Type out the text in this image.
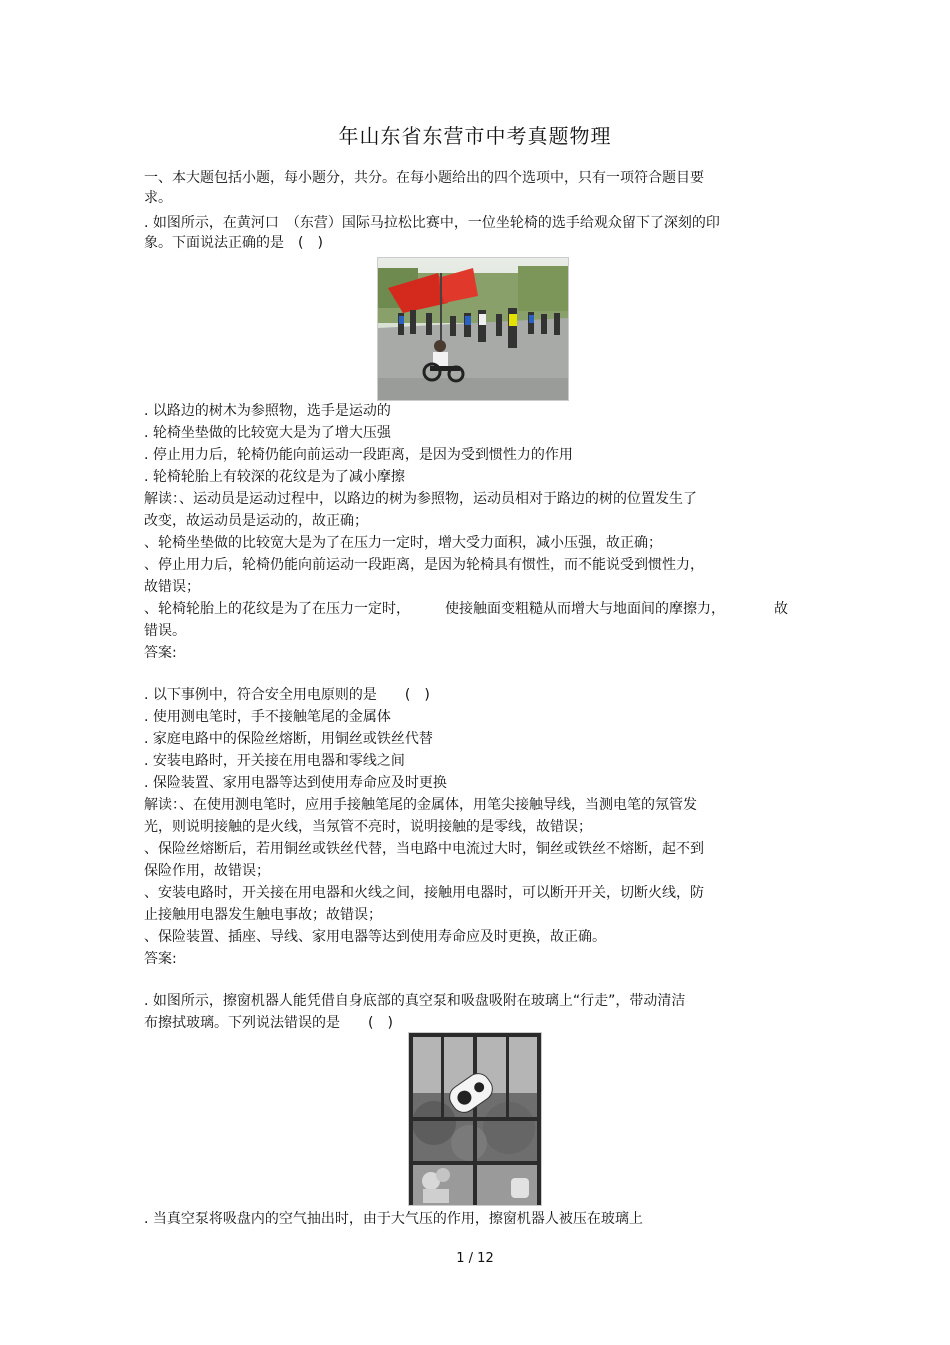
年山东省东营市中考真题物理
一、本大题包括小题，每小题分，共分。在每小题给出的四个选项中，只有一项符合题目要
求。
. 如图所示，在黄河口　（东营）国际马拉松比赛中，一位坐轮椅的选手给观众留下了深刻的印
象。下面说法正确的是　(　)
. 以路边的树木为参照物，选手是运动的
. 轮椅坐垫做的比较宽大是为了增大压强
. 停止用力后，轮椅仍能向前运动一段距离，是因为受到惯性力的作用
. 轮椅轮胎上有较深的花纹是为了减小摩擦
解读：、运动员是运动过程中，以路边的树为参照物，运动员相对于路边的树的位置发生了
改变，故运动员是运动的，故正确；
、轮椅坐垫做的比较宽大是为了在压力一定时，增大受力面积，减小压强，故正确；
、停止用力后，轮椅仍能向前运动一段距离，是因为轮椅具有惯性，而不能说受到惯性力，
故错误；
、轮椅轮胎上的花纹是为了在压力一定时，　　　使接触面变粗糙从而增大与地面间的摩擦力，　　　　故
错误。
答案:
. 以下事例中，符合安全用电原则的是　　(　)
. 使用测电笔时，手不接触笔尾的金属体
. 家庭电路中的保险丝熔断，用铜丝或铁丝代替
. 安装电路时，开关接在用电器和零线之间
. 保险装置、家用电器等达到使用寿命应及时更换
解读：、在使用测电笔时，应用手接触笔尾的金属体，用笔尖接触导线，当测电笔的氖管发
光，则说明接触的是火线，当氖管不亮时，说明接触的是零线，故错误；
、保险丝熔断后，若用铜丝或铁丝代替，当电路中电流过大时，铜丝或铁丝不熔断，起不到
保险作用，故错误；
、安装电路时，开关接在用电器和火线之间，接触用电器时，可以断开开关，切断火线，防
止接触用电器发生触电事故；故错误；
、保险装置、插座、导线、家用电器等达到使用寿命应及时更换，故正确。
答案:
. 如图所示，擦窗机器人能凭借自身底部的真空泵和吸盘吸附在玻璃上“行走”，带动清洁
布擦拭玻璃。下列说法错误的是　　(　)
. 当真空泵将吸盘内的空气抽出时，由于大气压的作用，擦窗机器人被压在玻璃上
1 / 12
